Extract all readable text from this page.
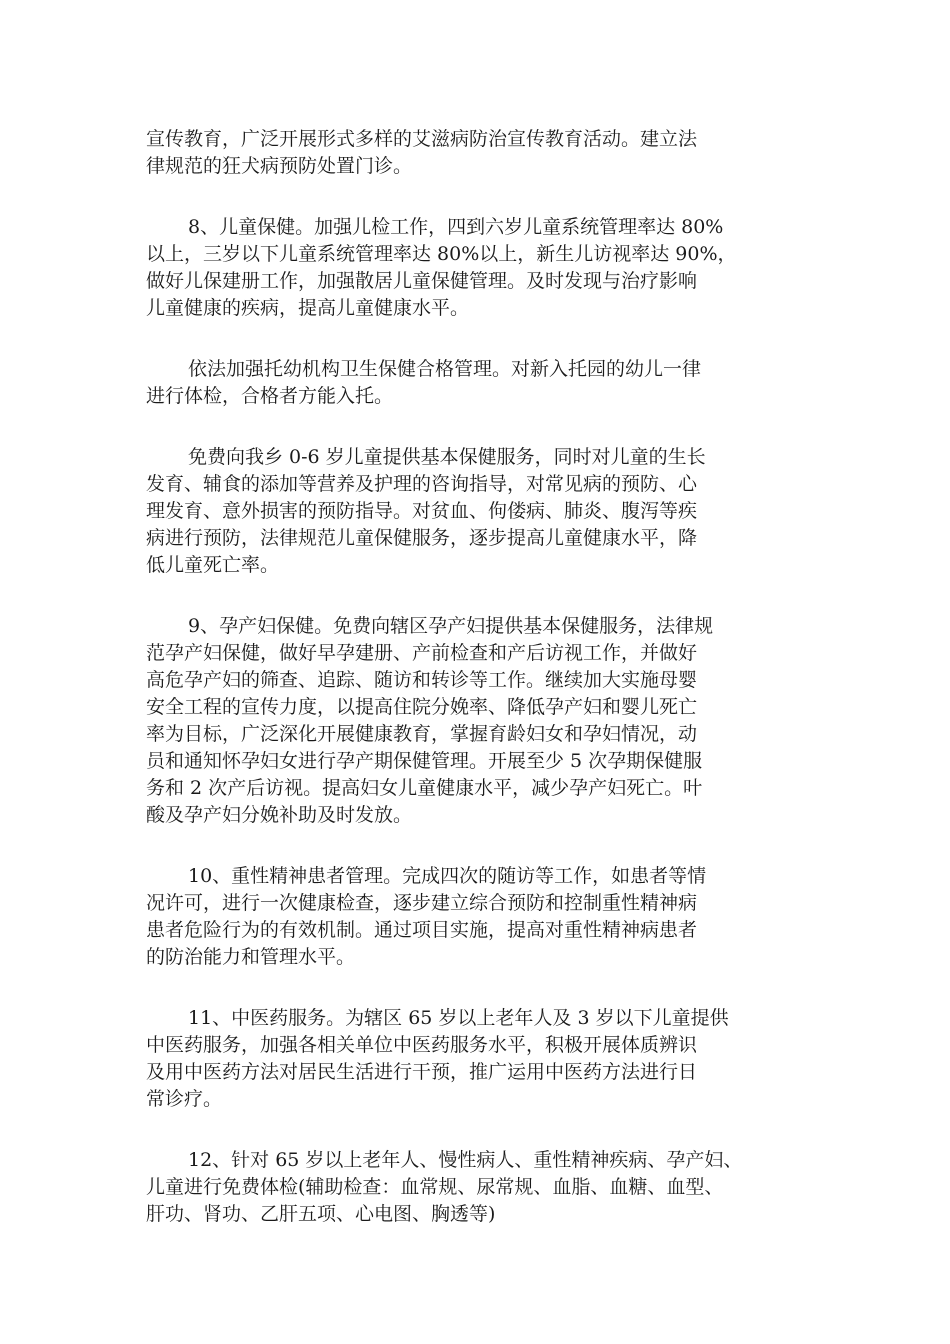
宣传教育，广泛开展形式多样的艾滋病防治宣传教育活动。建立法
律规范的狂犬病预防处置门诊。

8、儿童保健。加强儿检工作，四到六岁儿童系统管理率达 80%
以上，三岁以下儿童系统管理率达 80%以上，新生儿访视率达 90%，
做好儿保建册工作，加强散居儿童保健管理。及时发现与治疗影响
儿童健康的疾病，提高儿童健康水平。

依法加强托幼机构卫生保健合格管理。对新入托园的幼儿一律
进行体检，合格者方能入托。

免费向我乡 0-6 岁儿童提供基本保健服务，同时对儿童的生长
发育、辅食的添加等营养及护理的咨询指导，对常见病的预防、心
理发育、意外损害的预防指导。对贫血、佝偻病、肺炎、腹泻等疾
病进行预防，法律规范儿童保健服务，逐步提高儿童健康水平，降
低儿童死亡率。

9、孕产妇保健。免费向辖区孕产妇提供基本保健服务，法律规
范孕产妇保健，做好早孕建册、产前检查和产后访视工作，并做好
高危孕产妇的筛查、追踪、随访和转诊等工作。继续加大实施母婴
安全工程的宣传力度，以提高住院分娩率、降低孕产妇和婴儿死亡
率为目标，广泛深化开展健康教育，掌握育龄妇女和孕妇情况，动
员和通知怀孕妇女进行孕产期保健管理。开展至少 5 次孕期保健服
务和 2 次产后访视。提高妇女儿童健康水平，减少孕产妇死亡。叶
酸及孕产妇分娩补助及时发放。

10、重性精神患者管理。完成四次的随访等工作，如患者等情
况许可，进行一次健康检查，逐步建立综合预防和控制重性精神病
患者危险行为的有效机制。通过项目实施，提高对重性精神病患者
的防治能力和管理水平。

11、中医药服务。为辖区 65 岁以上老年人及 3 岁以下儿童提供
中医药服务，加强各相关单位中医药服务水平，积极开展体质辨识
及用中医药方法对居民生活进行干预，推广运用中医药方法进行日
常诊疗。

12、针对 65 岁以上老年人、慢性病人、重性精神疾病、孕产妇、
儿童进行免费体检(辅助检查：血常规、尿常规、血脂、血糖、血型、
肝功、肾功、乙肝五项、心电图、胸透等)
